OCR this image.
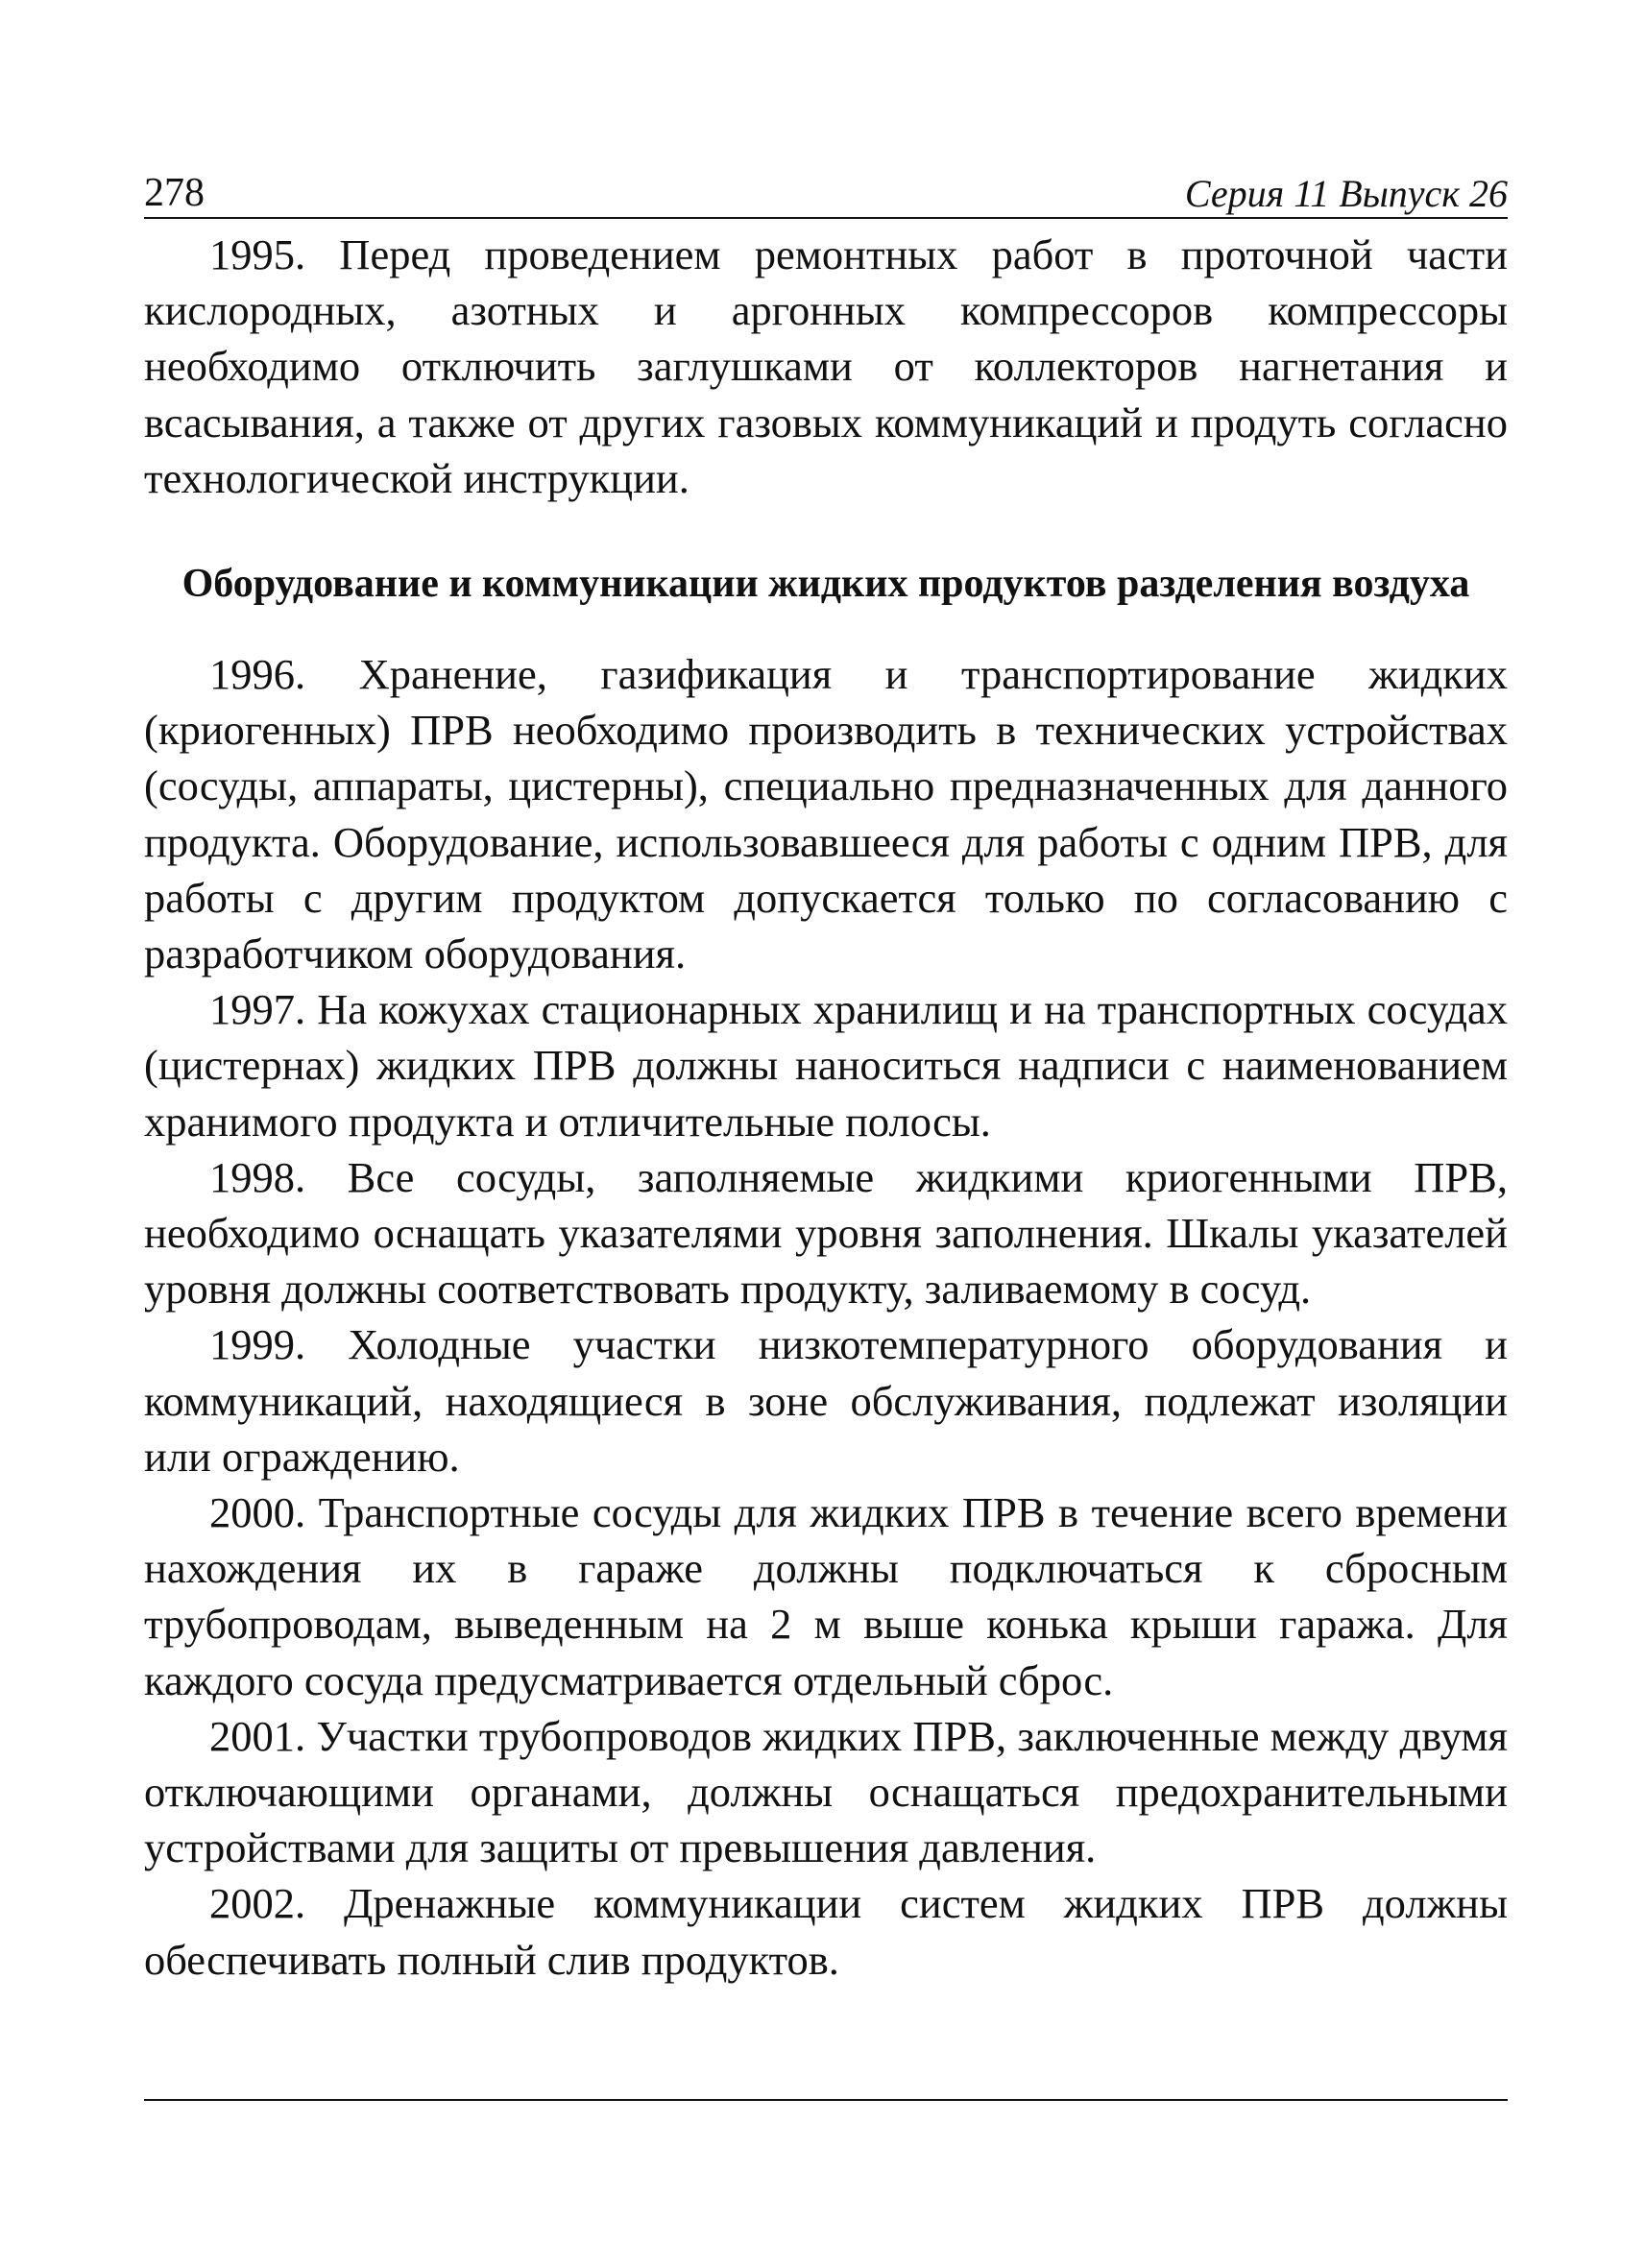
278	Серия 11 Выпуск 26

1995. Перед проведением ремонтных работ в проточной части кислородных, азотных и аргонных компрессоров компрессоры необходимо отключить заглушками от коллекторов нагнетания и всасывания, а также от других газовых коммуникаций и продуть согласно технологической инструкции.

Оборудование и коммуникации жидких продуктов разделения воздуха

1996. Хранение, газификация и транспортирование жидких (криогенных) ПРВ необходимо производить в технических устройствах (сосуды, аппараты, цистерны), специально предназначенных для данного продукта. Оборудование, использовавшееся для работы с одним ПРВ, для работы с другим продуктом допускается только по согласованию с разработчиком оборудования.

1997. На кожухах стационарных хранилищ и на транспортных сосудах (цистернах) жидких ПРВ должны наноситься надписи с наименованием хранимого продукта и отличительные полосы.

1998. Все сосуды, заполняемые жидкими криогенными ПРВ, необходимо оснащать указателями уровня заполнения. Шкалы указателей уровня должны соответствовать продукту, заливаемому в сосуд.

1999. Холодные участки низкотемпературного оборудования и коммуникаций, находящиеся в зоне обслуживания, подлежат изоляции или ограждению.

2000. Транспортные сосуды для жидких ПРВ в течение всего времени нахождения их в гараже должны подключаться к сбросным трубопроводам, выведенным на 2 м выше конька крыши гаража. Для каждого сосуда предусматривается отдельный сброс.

2001. Участки трубопроводов жидких ПРВ, заключенные между двумя отключающими органами, должны оснащаться предохранительными устройствами для защиты от превышения давления.

2002. Дренажные коммуникации систем жидких ПРВ должны обеспечивать полный слив продуктов.
